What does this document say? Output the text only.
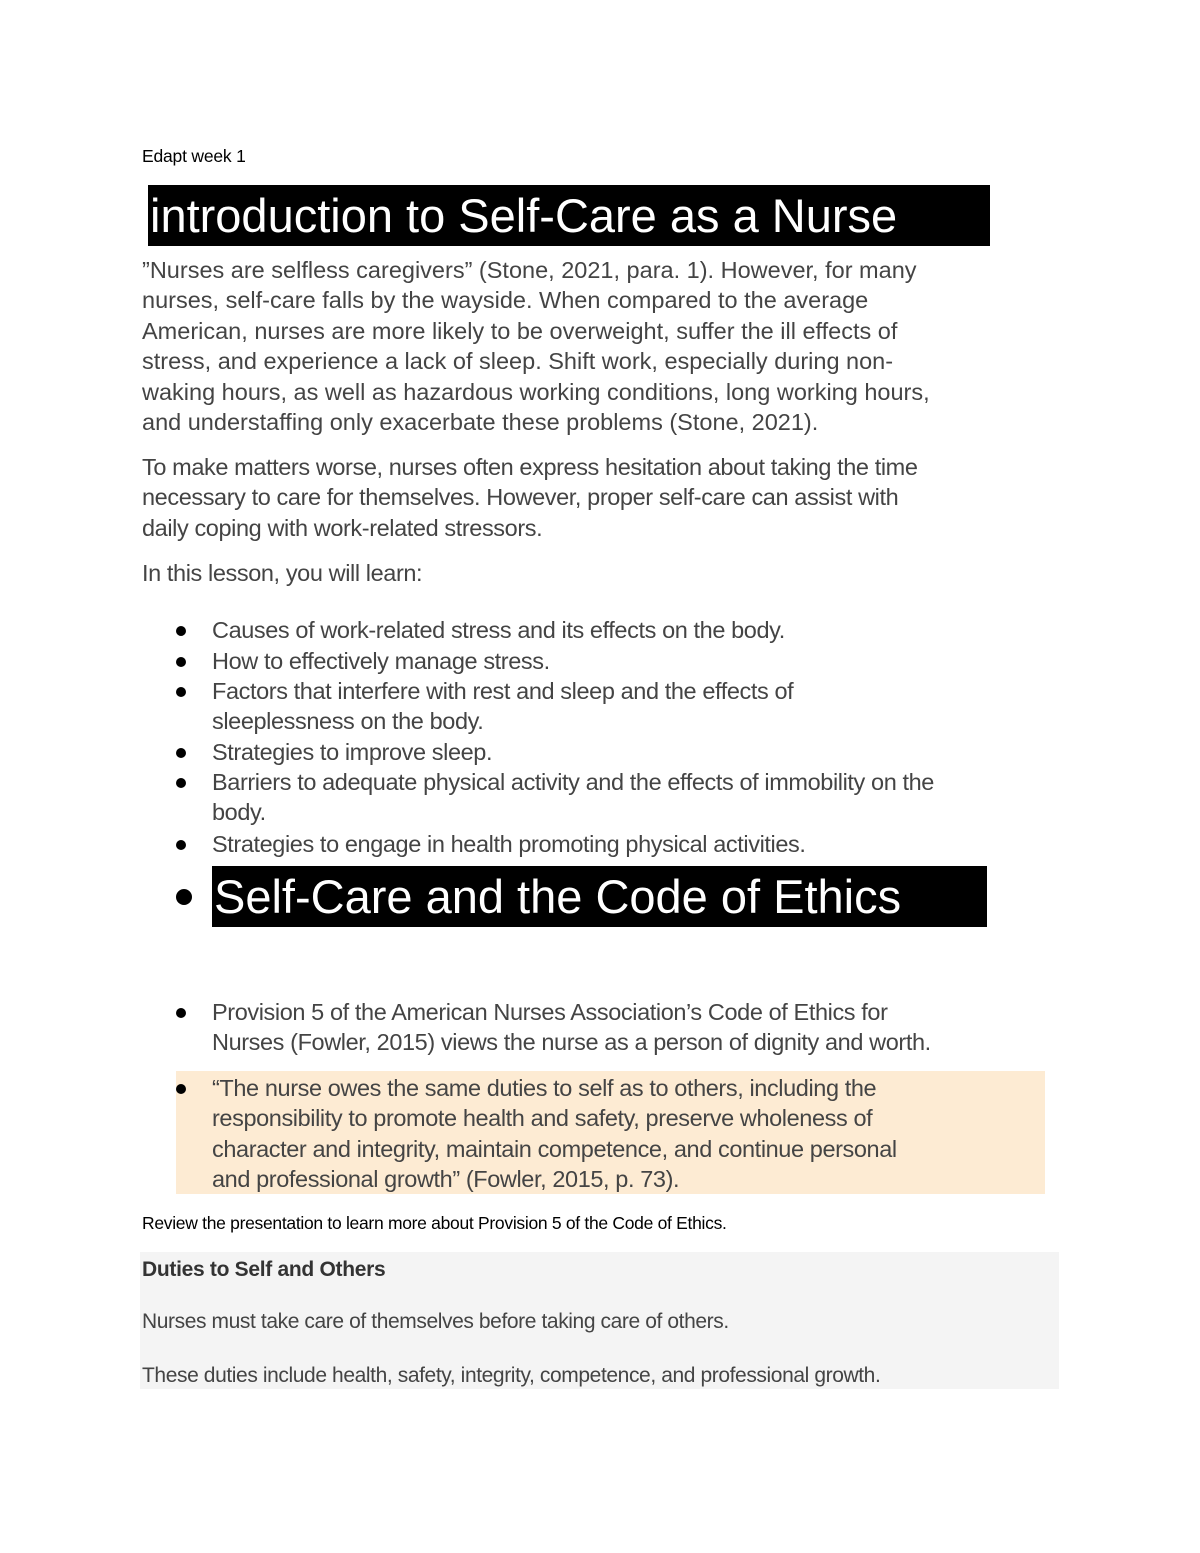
Edapt week 1
introduction to Self-Care as a Nurse
”Nurses are selfless caregivers” (Stone, 2021, para. 1). However, for many
nurses, self-care falls by the wayside. When compared to the average
American, nurses are more likely to be overweight, suffer the ill effects of
stress, and experience a lack of sleep. Shift work, especially during non-
waking hours, as well as hazardous working conditions, long working hours,
and understaffing only exacerbate these problems (Stone, 2021).
To make matters worse, nurses often express hesitation about taking the time
necessary to care for themselves. However, proper self-care can assist with
daily coping with work-related stressors.
In this lesson, you will learn:
Causes of work-related stress and its effects on the body.
How to effectively manage stress.
Factors that interfere with rest and sleep and the effects of
sleeplessness on the body.
Strategies to improve sleep.
Barriers to adequate physical activity and the effects of immobility on the
body.
Strategies to engage in health promoting physical activities.
Self-Care and the Code of Ethics
Provision 5 of the American Nurses Association’s Code of Ethics for
Nurses (Fowler, 2015) views the nurse as a person of dignity and worth.
“The nurse owes the same duties to self as to others, including the
responsibility to promote health and safety, preserve wholeness of
character and integrity, maintain competence, and continue personal
and professional growth” (Fowler, 2015, p. 73).
Review the presentation to learn more about Provision 5 of the Code of Ethics.
Duties to Self and Others
Nurses must take care of themselves before taking care of others.
These duties include health, safety, integrity, competence, and professional growth.
